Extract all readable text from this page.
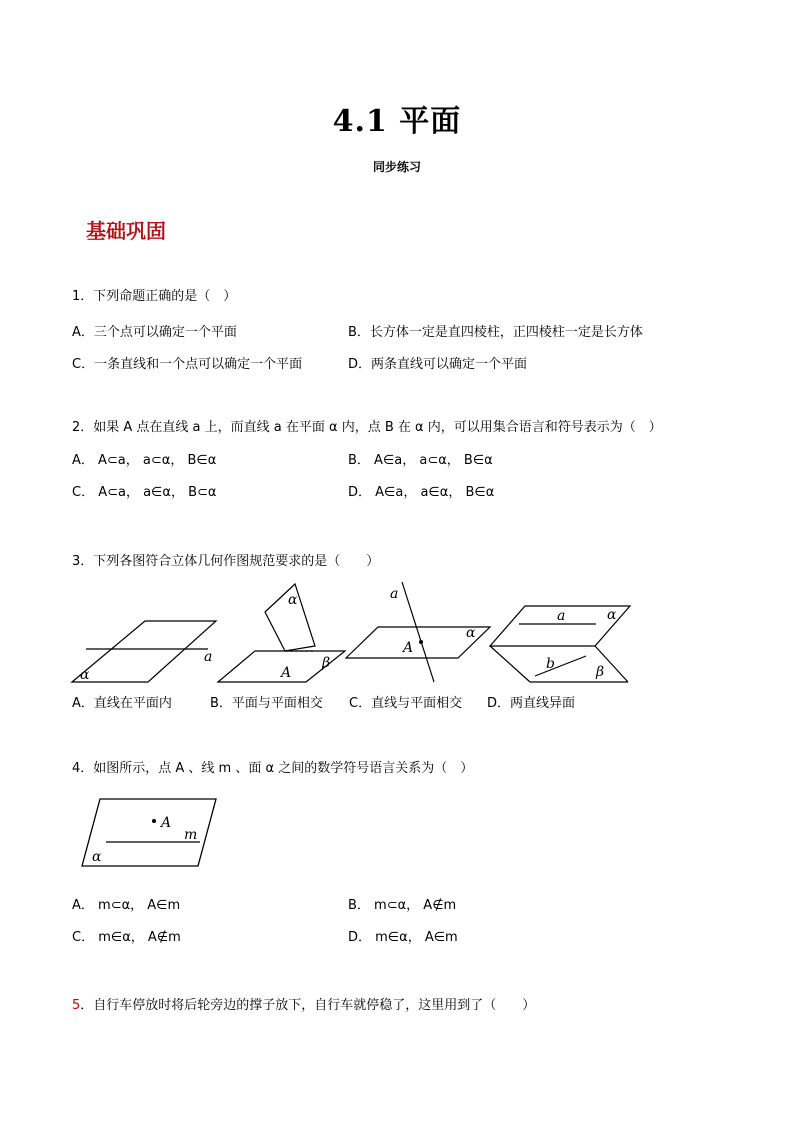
4.1 平面
同步练习
基础巩固
1．下列命题正确的是（　）
A．三个点可以确定一个平面	B．长方体一定是直四棱柱，正四棱柱一定是长方体
C．一条直线和一个点可以确定一个平面	D．两条直线可以确定一个平面
2．如果 A 点在直线 a 上，而直线 a 在平面 α 内，点 B 在 α 内，可以用集合语言和符号表示为（　）
A． A⊂a， a⊂α， B∈α	B． A∈a， a⊂α， B∈α
C． A⊂a， a∈α， B⊂α	D． A∈a， a∈α， B∈α
3．下列各图符合立体几何作图规范要求的是（　　）
a
α
α
β
A
a
α
A
a	α
b	β
A．直线在平面内	B．平面与平面相交 C．直线与平面相交 D．两直线异面
4．如图所示，点 A 、线 m 、面 α 之间的数学符号语言关系为（　）
A
m
α
A． m⊂α， A∈m	B． m⊂α， A∉m
C． m∈α， A∉m	D． m∈α， A∈m
5．自行车停放时将后轮旁边的撑子放下，自行车就停稳了，这里用到了（　　）
